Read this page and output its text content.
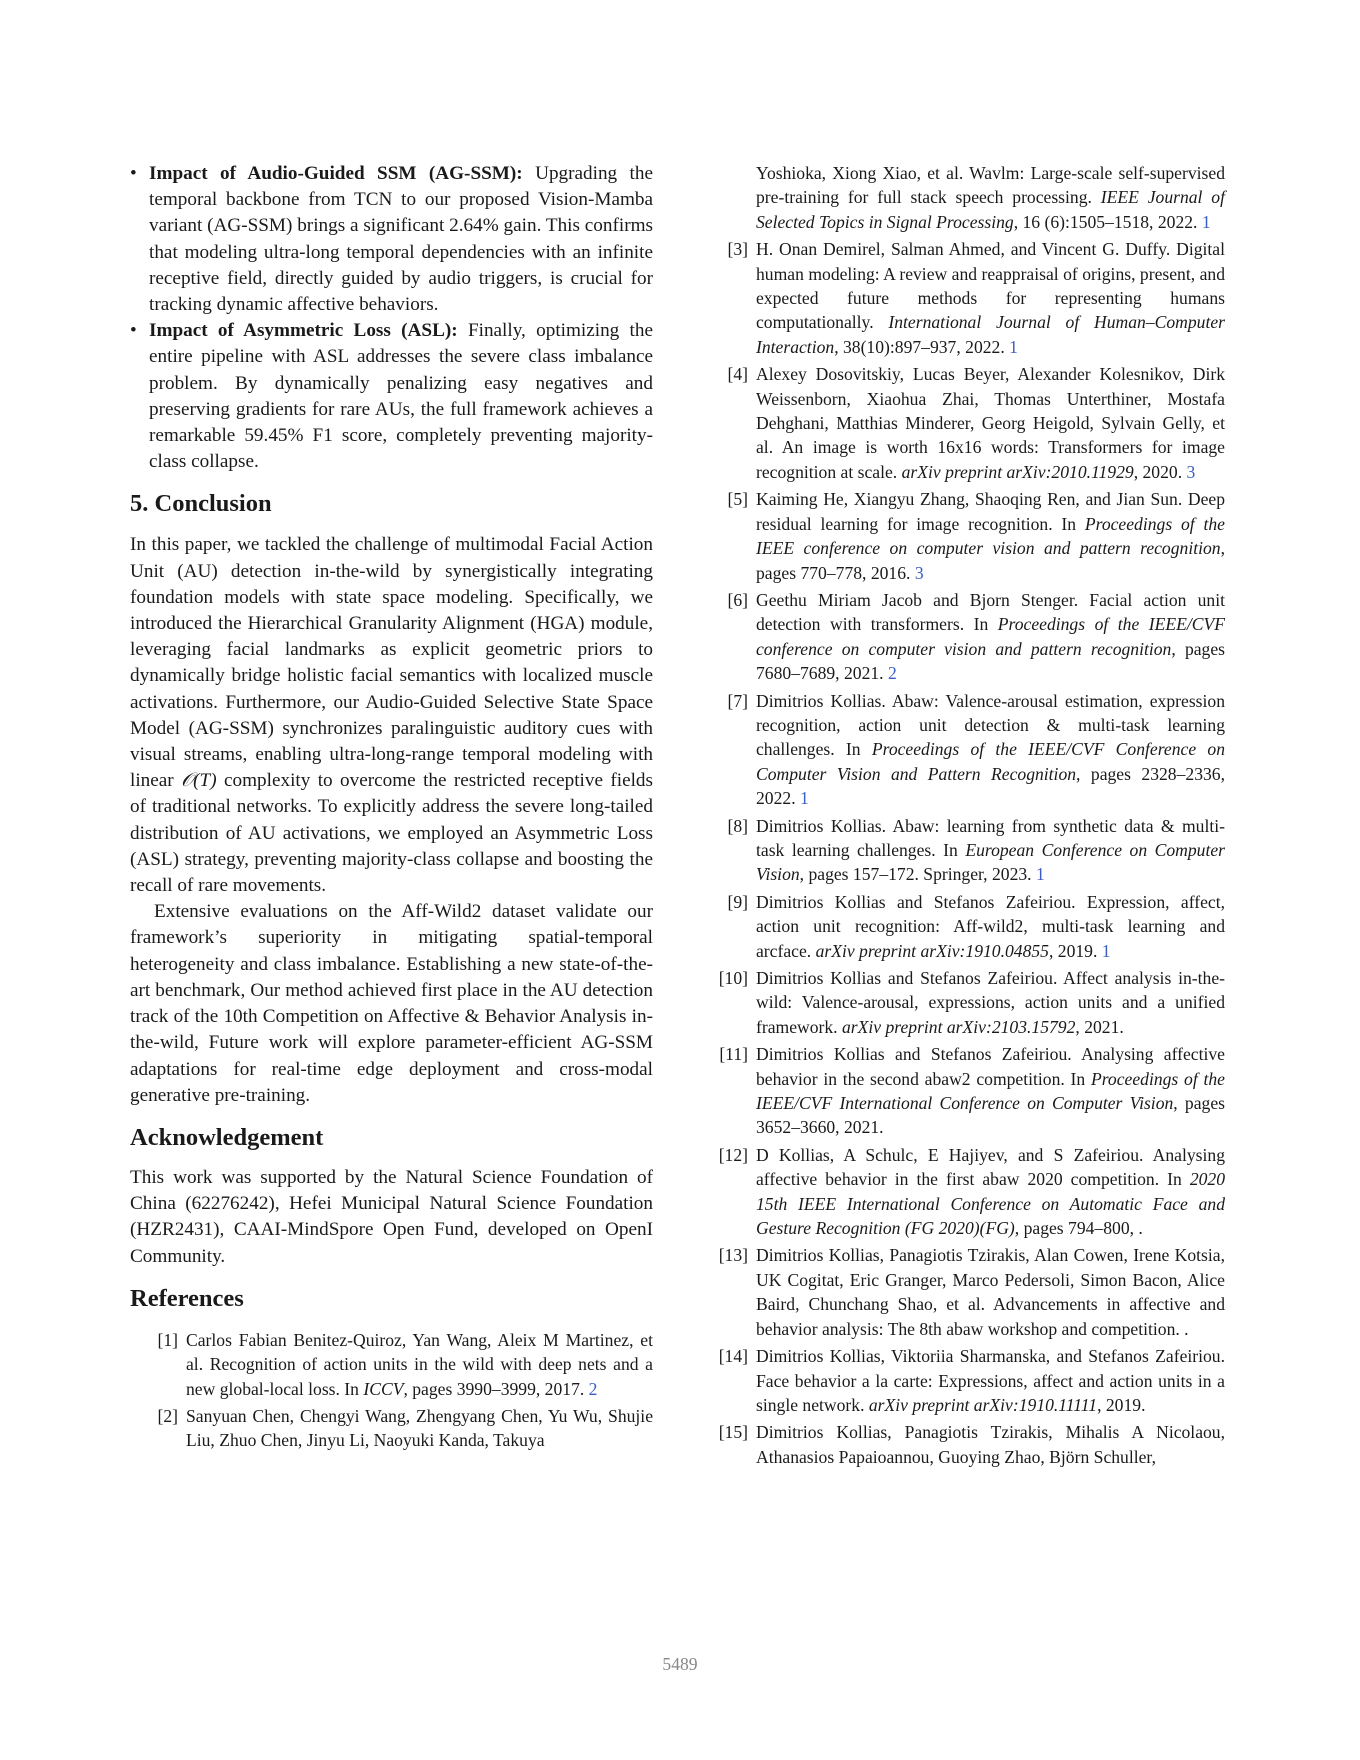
• Impact of Audio-Guided SSM (AG-SSM): Upgrading the temporal backbone from TCN to our proposed Vision-Mamba variant (AG-SSM) brings a significant 2.64% gain. This confirms that modeling ultra-long temporal dependencies with an infinite receptive field, directly guided by audio triggers, is crucial for tracking dynamic affective behaviors.
• Impact of Asymmetric Loss (ASL): Finally, optimizing the entire pipeline with ASL addresses the severe class imbalance problem. By dynamically penalizing easy negatives and preserving gradients for rare AUs, the full framework achieves a remarkable 59.45% F1 score, completely preventing majority-class collapse.
5. Conclusion

In this paper, we tackled the challenge of multimodal Facial Action Unit (AU) detection in-the-wild by synergistically integrating foundation models with state space modeling. Specifically, we introduced the Hierarchical Granularity Alignment (HGA) module, leveraging facial landmarks as explicit geometric priors to dynamically bridge holistic facial semantics with localized muscle activations. Furthermore, our Audio-Guided Selective State Space Model (AG-SSM) synchronizes paralinguistic auditory cues with visual streams, enabling ultra-long-range temporal modeling with linear 𝒪(T) complexity to overcome the restricted receptive fields of traditional networks. To explicitly address the severe long-tailed distribution of AU activations, we employed an Asymmetric Loss (ASL) strategy, preventing majority-class collapse and boosting the recall of rare movements.

Extensive evaluations on the Aff-Wild2 dataset validate our framework’s superiority in mitigating spatial-temporal heterogeneity and class imbalance. Establishing a new state-of-the-art benchmark, Our method achieved first place in the AU detection track of the 10th Competition on Affective & Behavior Analysis in-the-wild, Future work will explore parameter-efficient AG-SSM adaptations for real-time edge deployment and cross-modal generative pre-training.

Acknowledgement

This work was supported by the Natural Science Foundation of China (62276242), Hefei Municipal Natural Science Foundation (HZR2431), CAAI-MindSpore Open Fund, developed on OpenI Community.

References
[1] Carlos Fabian Benitez-Quiroz, Yan Wang, Aleix M Martinez, et al. Recognition of action units in the wild with deep nets and a new global-local loss. In ICCV, pages 3990–3999, 2017. 2
[2] Sanyuan Chen, Chengyi Wang, Zhengyang Chen, Yu Wu, Shujie Liu, Zhuo Chen, Jinyu Li, Naoyuki Kanda, Takuya
Yoshioka, Xiong Xiao, et al. Wavlm: Large-scale self-supervised pre-training for full stack speech processing. IEEE Journal of Selected Topics in Signal Processing, 16 (6):1505–1518, 2022. 1
[3] H. Onan Demirel, Salman Ahmed, and Vincent G. Duffy. Digital human modeling: A review and reappraisal of origins, present, and expected future methods for representing humans computationally. International Journal of Human–Computer Interaction, 38(10):897–937, 2022. 1
[4] Alexey Dosovitskiy, Lucas Beyer, Alexander Kolesnikov, Dirk Weissenborn, Xiaohua Zhai, Thomas Unterthiner, Mostafa Dehghani, Matthias Minderer, Georg Heigold, Sylvain Gelly, et al. An image is worth 16x16 words: Transformers for image recognition at scale. arXiv preprint arXiv:2010.11929, 2020. 3
[5] Kaiming He, Xiangyu Zhang, Shaoqing Ren, and Jian Sun. Deep residual learning for image recognition. In Proceedings of the IEEE conference on computer vision and pattern recognition, pages 770–778, 2016. 3
[6] Geethu Miriam Jacob and Bjorn Stenger. Facial action unit detection with transformers. In Proceedings of the IEEE/CVF conference on computer vision and pattern recognition, pages 7680–7689, 2021. 2
[7] Dimitrios Kollias. Abaw: Valence-arousal estimation, expression recognition, action unit detection & multi-task learning challenges. In Proceedings of the IEEE/CVF Conference on Computer Vision and Pattern Recognition, pages 2328–2336, 2022. 1
[8] Dimitrios Kollias. Abaw: learning from synthetic data & multi-task learning challenges. In European Conference on Computer Vision, pages 157–172. Springer, 2023. 1
[9] Dimitrios Kollias and Stefanos Zafeiriou. Expression, affect, action unit recognition: Aff-wild2, multi-task learning and arcface. arXiv preprint arXiv:1910.04855, 2019. 1
[10] Dimitrios Kollias and Stefanos Zafeiriou. Affect analysis in-the-wild: Valence-arousal, expressions, action units and a unified framework. arXiv preprint arXiv:2103.15792, 2021.
[11] Dimitrios Kollias and Stefanos Zafeiriou. Analysing affective behavior in the second abaw2 competition. In Proceedings of the IEEE/CVF International Conference on Computer Vision, pages 3652–3660, 2021.
[12] D Kollias, A Schulc, E Hajiyev, and S Zafeiriou. Analysing affective behavior in the first abaw 2020 competition. In 2020 15th IEEE International Conference on Automatic Face and Gesture Recognition (FG 2020)(FG), pages 794–800, .
[13] Dimitrios Kollias, Panagiotis Tzirakis, Alan Cowen, Irene Kotsia, UK Cogitat, Eric Granger, Marco Pedersoli, Simon Bacon, Alice Baird, Chunchang Shao, et al. Advancements in affective and behavior analysis: The 8th abaw workshop and competition. .
[14] Dimitrios Kollias, Viktoriia Sharmanska, and Stefanos Zafeiriou. Face behavior a la carte: Expressions, affect and action units in a single network. arXiv preprint arXiv:1910.11111, 2019.
[15] Dimitrios Kollias, Panagiotis Tzirakis, Mihalis A Nicolaou, Athanasios Papaioannou, Guoying Zhao, Björn Schuller,
5489
